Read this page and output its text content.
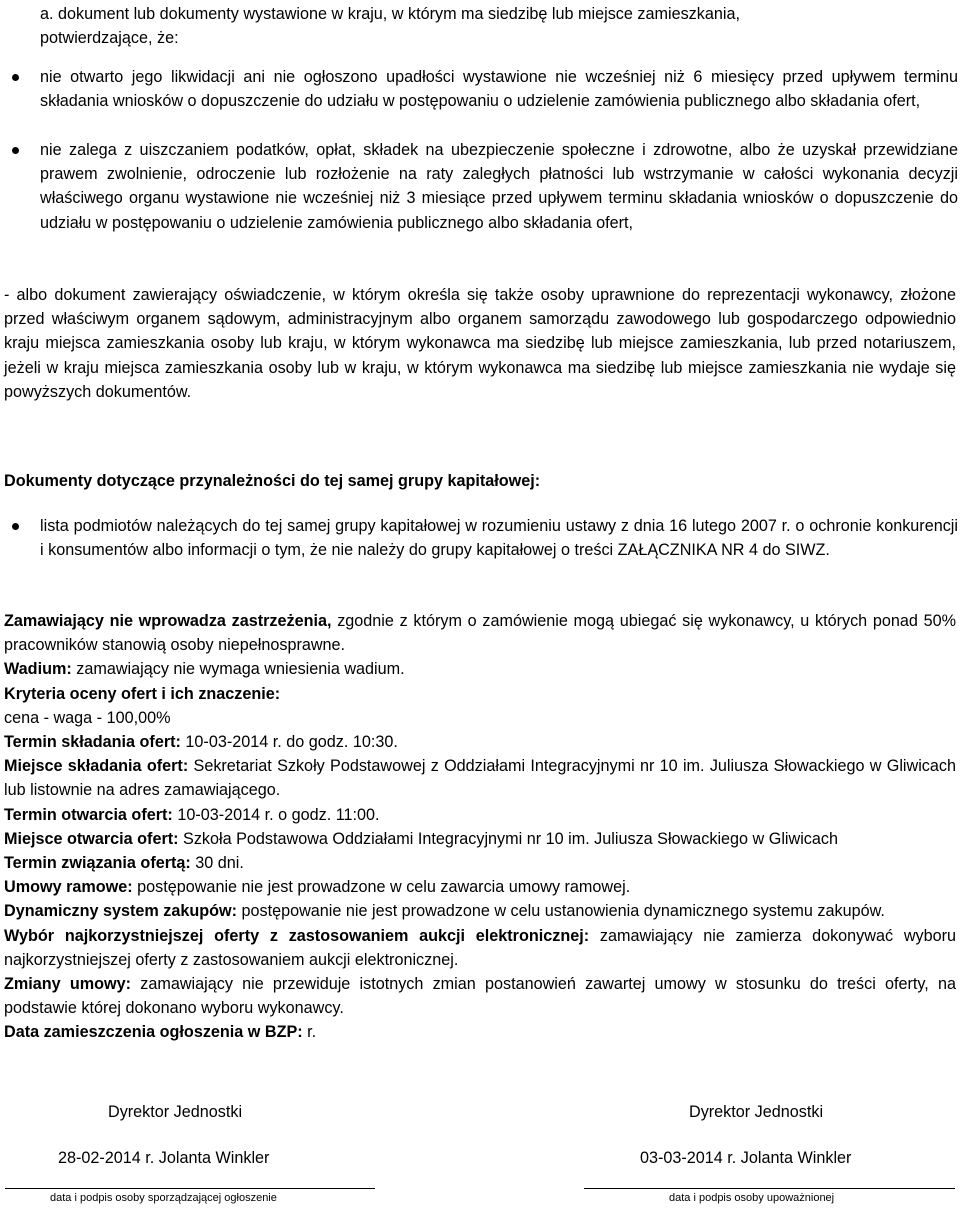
a. dokument lub dokumenty wystawione w kraju, w którym ma siedzibę lub miejsce zamieszkania,
potwierdzające, że:

nie otwarto jego likwidacji ani nie ogłoszono upadłości wystawione nie wcześniej niż 6 miesięcy przed upływem terminu składania wniosków o dopuszczenie do udziału w postępowaniu o udzielenie zamówienia publicznego albo składania ofert,
nie zalega z uiszczaniem podatków, opłat, składek na ubezpieczenie społeczne i zdrowotne, albo że uzyskał przewidziane prawem zwolnienie, odroczenie lub rozłożenie na raty zaległych płatności lub wstrzymanie w całości wykonania decyzji właściwego organu wystawione nie wcześniej niż 3 miesiące przed upływem terminu składania wniosków o dopuszczenie do udziału w postępowaniu o udzielenie zamówienia publicznego albo składania ofert,

- albo dokument zawierający oświadczenie, w którym określa się także osoby uprawnione do reprezentacji wykonawcy, złożone przed właściwym organem sądowym, administracyjnym albo organem samorządu zawodowego lub gospodarczego odpowiednio kraju miejsca zamieszkania osoby lub kraju, w którym wykonawca ma siedzibę lub miejsce zamieszkania, lub przed notariuszem, jeżeli w kraju miejsca zamieszkania osoby lub w kraju, w którym wykonawca ma siedzibę lub miejsce zamieszkania nie wydaje się powyższych dokumentów.

Dokumenty dotyczące przynależności do tej samej grupy kapitałowej:

lista podmiotów należących do tej samej grupy kapitałowej w rozumieniu ustawy z dnia 16 lutego 2007 r. o ochronie konkurencji i konsumentów albo informacji o tym, że nie należy do grupy kapitałowej o treści ZAŁĄCZNIKA NR 4 do SIWZ.

Zamawiający nie wprowadza zastrzeżenia, zgodnie z którym o zamówienie mogą ubiegać się wykonawcy, u których ponad 50% pracowników stanowią osoby niepełnosprawne.

Wadium: zamawiający nie wymaga wniesienia wadium.

Kryteria oceny ofert i ich znaczenie:

cena - waga - 100,00%

Termin składania ofert: 10-03-2014 r. do godz. 10:30.

Miejsce składania ofert: Sekretariat Szkoły Podstawowej z Oddziałami Integracyjnymi nr 10 im. Juliusza Słowackiego w Gliwicach lub listownie na adres zamawiającego.

Termin otwarcia ofert: 10-03-2014 r. o godz. 11:00.

Miejsce otwarcia ofert: Szkoła Podstawowa Oddziałami Integracyjnymi nr 10 im. Juliusza Słowackiego w Gliwicach

Termin związania ofertą: 30 dni.

Umowy ramowe: postępowanie nie jest prowadzone w celu zawarcia umowy ramowej.

Dynamiczny system zakupów: postępowanie nie jest prowadzone w celu ustanowienia dynamicznego systemu zakupów.

Wybór najkorzystniejszej oferty z zastosowaniem aukcji elektronicznej: zamawiający nie zamierza dokonywać wyboru najkorzystniejszej oferty z zastosowaniem aukcji elektronicznej.

Zmiany umowy: zamawiający nie przewiduje istotnych zmian postanowień zawartej umowy w stosunku do treści oferty, na podstawie której dokonano wyboru wykonawcy.

Data zamieszczenia ogłoszenia w BZP: r.

Dyrektor Jednostki	Dyrektor Jednostki
28-02-2014 r. Jolanta Winkler	03-03-2014 r. Jolanta Winkler
data i podpis osoby sporządzającej ogłoszenie	data i podpis osoby upoważnionej
